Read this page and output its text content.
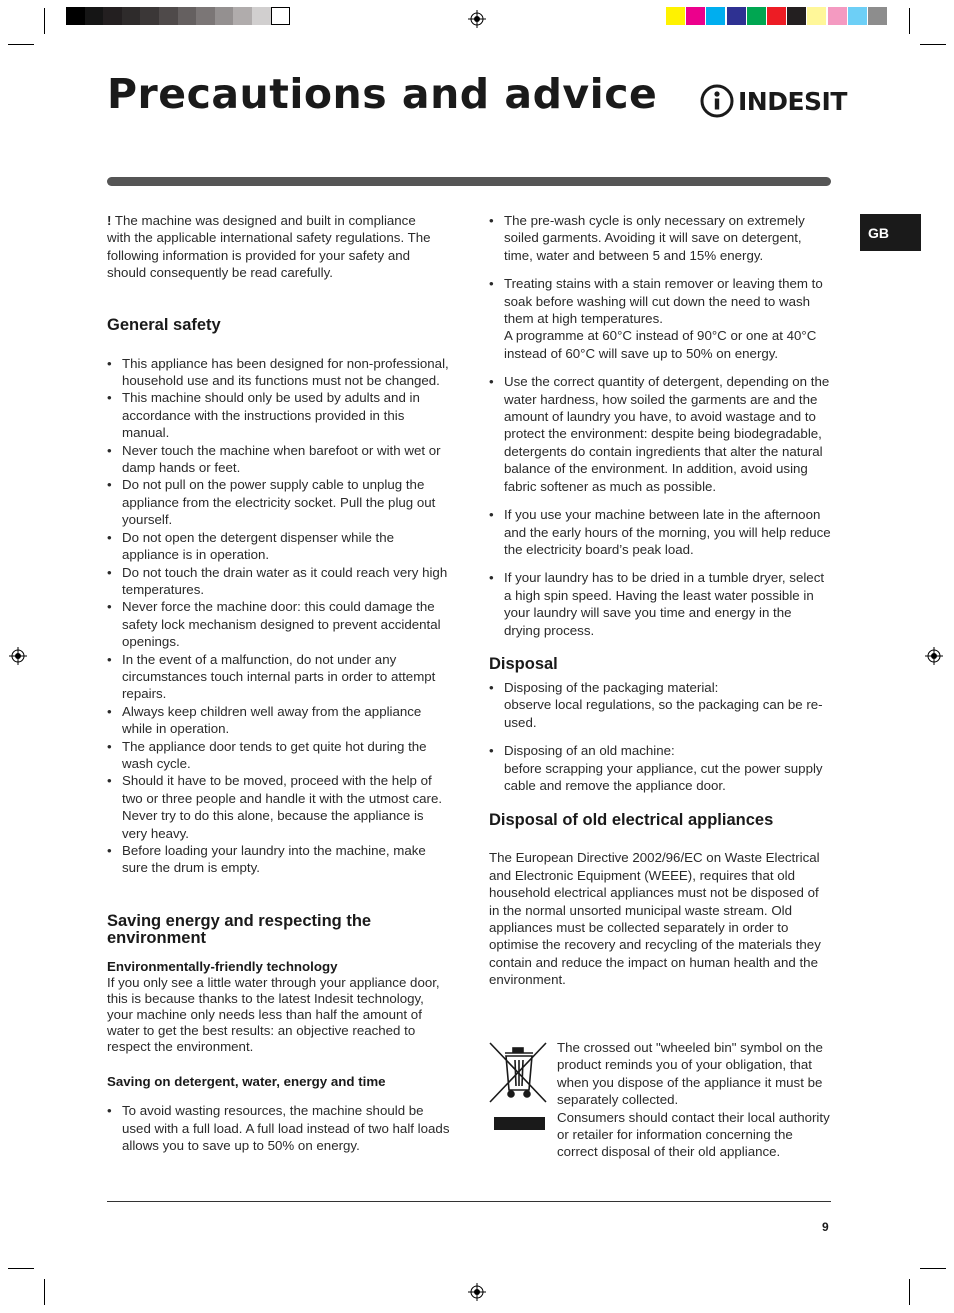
Precautions and advice	INDESIT
GB

! The machine was designed and built in compliance with the applicable international safety regulations. The following information is provided for your safety and should consequently be read carefully.

General safety

• This appliance has been designed for non-professional, household use and its functions must not be changed.
• This machine should only be used by adults and in accordance with the instructions provided in this manual.
• Never touch the machine when barefoot or with wet or damp hands or feet.
• Do not pull on the power supply cable to unplug the appliance from the electricity socket. Pull the plug out yourself.
• Do not open the detergent dispenser while the appliance is in operation.
• Do not touch the drain water as it could reach very high temperatures.
• Never force the machine door: this could damage the safety lock mechanism designed to prevent accidental openings.
• In the event of a malfunction, do not under any circumstances touch internal parts in order to attempt repairs.
• Always keep children well away from the appliance while in operation.
• The appliance door tends to get quite hot during the wash cycle.
• Should it have to be moved, proceed with the help of two or three people and handle it with the utmost care. Never try to do this alone, because the appliance is very heavy.
• Before loading your laundry into the machine, make sure the drum is empty.

Saving energy and respecting the environment

Environmentally-friendly technology

If you only see a little water through your appliance door, this is because thanks to the latest Indesit technology, your machine only needs less than half the amount of water to get the best results: an objective reached to respect the environment.

Saving on detergent, water, energy and time

• To avoid wasting resources, the machine should be used with a full load. A full load instead of two half loads allows you to save up to 50% on energy.
• The pre-wash cycle is only necessary on extremely soiled garments. Avoiding it will save on detergent, time, water and between 5 and 15% energy.
• Treating stains with a stain remover or leaving them to soak before washing will cut down the need to wash them at high temperatures.
A programme at 60°C instead of 90°C or one at 40°C instead of 60°C will save up to 50% on energy.
• Use the correct quantity of detergent, depending on the water hardness, how soiled the garments are and the amount of laundry you have, to avoid wastage and to protect the environment: despite being biodegradable, detergents do contain ingredients that alter the natural balance of the environment. In addition, avoid using fabric softener as much as possible.
• If you use your machine between late in the afternoon and the early hours of the morning, you will help reduce the electricity board’s peak load.
• If your laundry has to be dried in a tumble dryer, select a high spin speed. Having the least water possible in your laundry will save you time and energy in the drying process.

Disposal

• Disposing of the packaging material:
observe local regulations, so the packaging can be re-used.
• Disposing of an old machine:
before scrapping your appliance, cut the power supply cable and remove the appliance door.

Disposal of old electrical appliances

The European Directive 2002/96/EC on Waste Electrical and Electronic Equipment (WEEE), requires that old household electrical appliances must not be disposed of in the normal unsorted municipal waste stream. Old appliances must be collected separately in order to optimise the recovery and recycling of the materials they contain and reduce the impact on human health and the environment.

The crossed out "wheeled bin" symbol on the product reminds you of your obligation, that when you dispose of the appliance it must be separately collected.

Consumers should contact their local authority or retailer for information concerning the correct disposal of their old appliance.

9
